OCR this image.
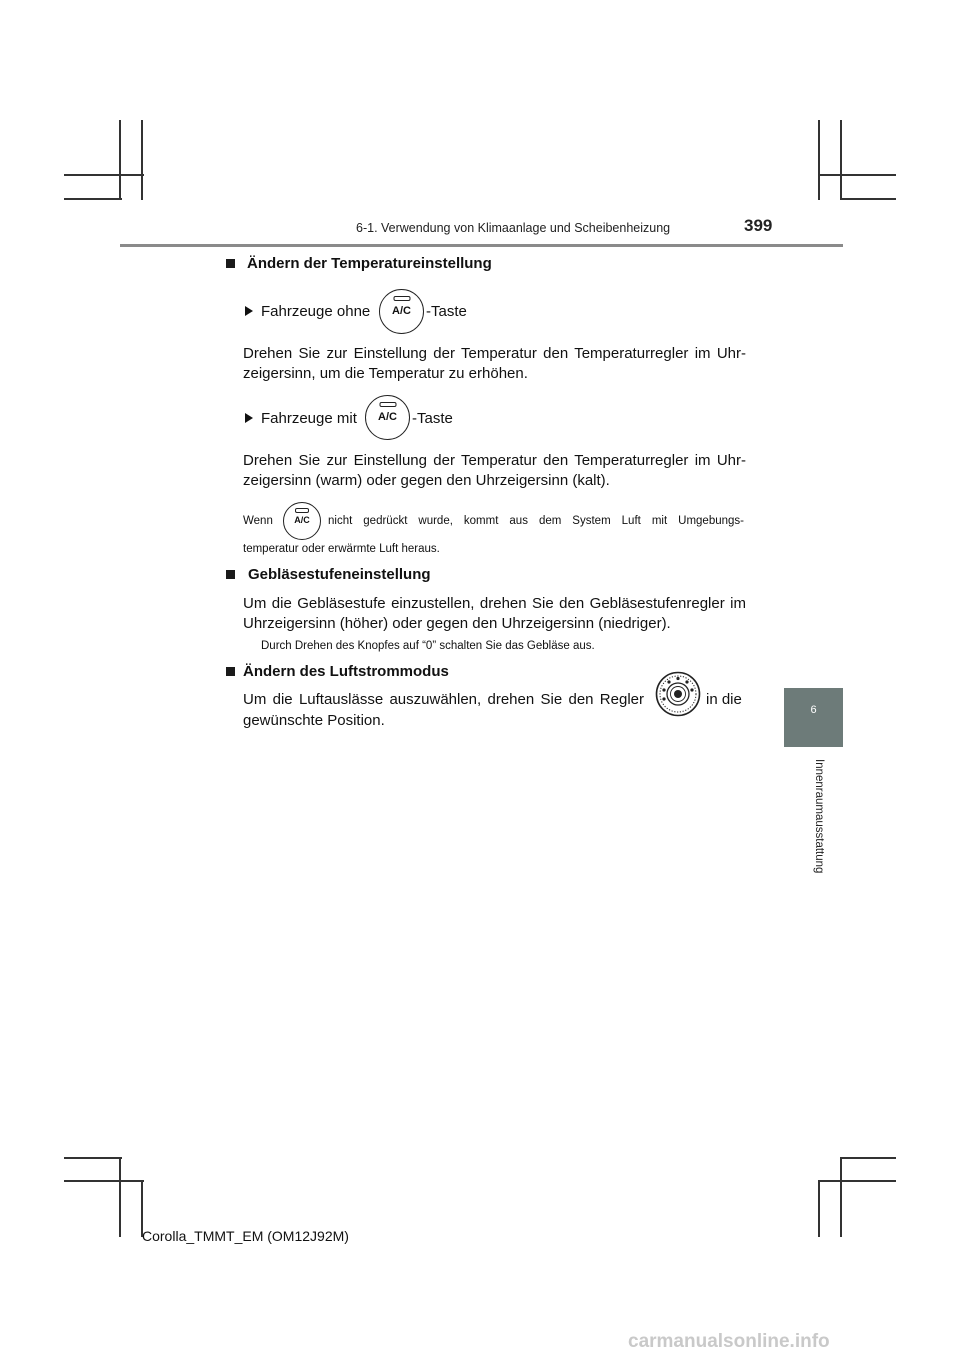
6-1. Verwendung von Klimaanlage und Scheibenheizung	399
6
Innenraumausstattung
Ändern der Temperatureinstellung
Fahrzeuge ohne	A/C	-Taste
Drehen Sie zur Einstellung der Temperatur den Temperaturregler im Uhr-
zeigersinn, um die Temperatur zu erhöhen.
Fahrzeuge mit	A/C	-Taste
Drehen Sie zur Einstellung der Temperatur den Temperaturregler im Uhr-
zeigersinn (warm) oder gegen den Uhrzeigersinn (kalt).
Wenn	A/C	nicht gedrückt wurde, kommt aus dem System Luft mit Umgebungs-
temperatur oder erwärmte Luft heraus.
Gebläsestufeneinstellung
Um die Gebläsestufe einzustellen, drehen Sie den Gebläsestufenregler im
Uhrzeigersinn (höher) oder gegen den Uhrzeigersinn (niedriger).
Durch Drehen des Knopfes auf “0” schalten Sie das Gebläse aus.
Ändern des Luftstrommodus
Um die Luftauslässe auszuwählen, drehen Sie den Regler	in die
gewünschte Position.
Corolla_TMMT_EM (OM12J92M)
carmanualsonline.info
